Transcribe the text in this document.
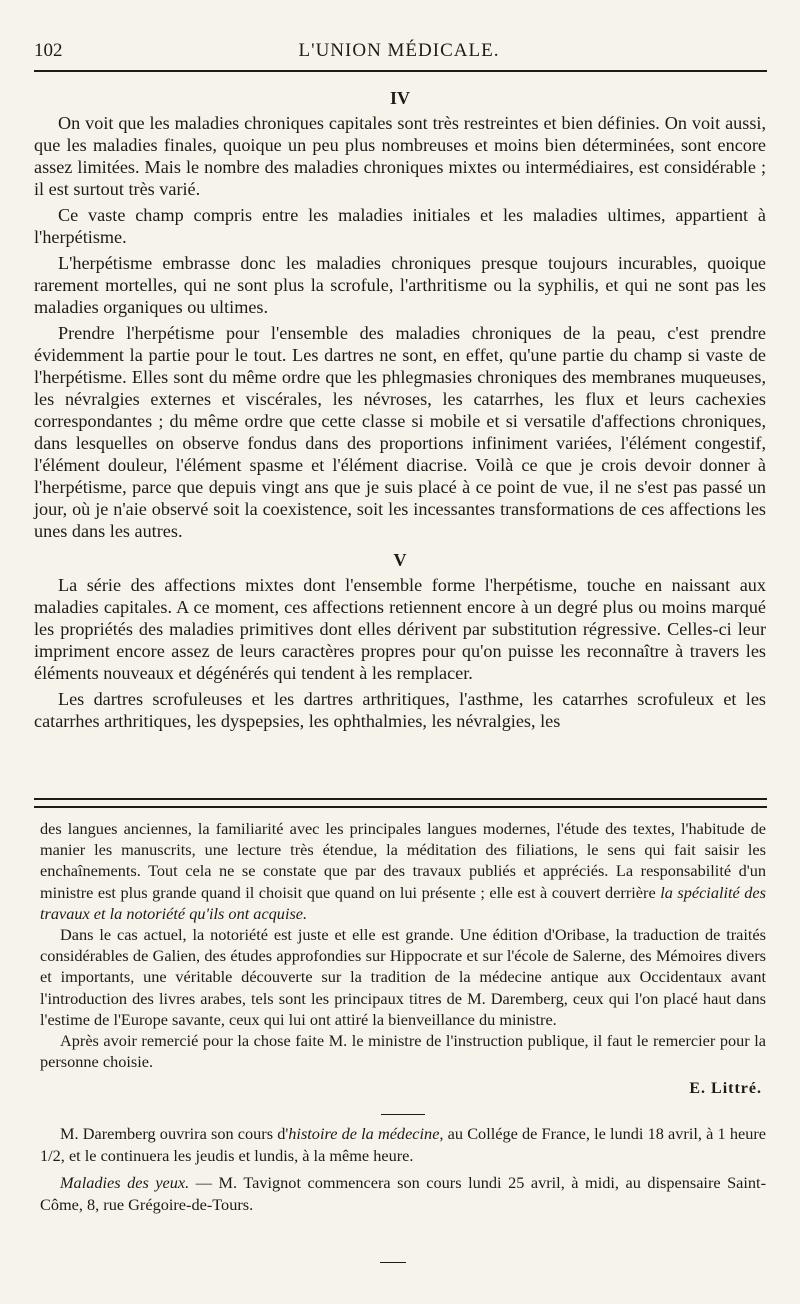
102	L'UNION MÉDICALE.
IV

On voit que les maladies chroniques capitales sont très restreintes et bien définies. On voit aussi, que les maladies finales, quoique un peu plus nombreuses et moins bien déterminées, sont encore assez limitées. Mais le nombre des maladies chroniques mixtes ou intermédiaires, est considérable ; il est surtout très varié.

Ce vaste champ compris entre les maladies initiales et les maladies ultimes, appartient à l'herpétisme.

L'herpétisme embrasse donc les maladies chroniques presque toujours incurables, quoique rarement mortelles, qui ne sont plus la scrofule, l'arthritisme ou la syphilis, et qui ne sont pas les maladies organiques ou ultimes.

Prendre l'herpétisme pour l'ensemble des maladies chroniques de la peau, c'est prendre évidemment la partie pour le tout. Les dartres ne sont, en effet, qu'une partie du champ si vaste de l'herpétisme. Elles sont du même ordre que les phlegmasies chroniques des membranes muqueuses, les névralgies externes et viscérales, les névroses, les catarrhes, les flux et leurs cachexies correspondantes ; du même ordre que cette classe si mobile et si versatile d'affections chroniques, dans lesquelles on observe fondus dans des proportions infiniment variées, l'élément congestif, l'élément douleur, l'élément spasme et l'élément diacrise. Voilà ce que je crois devoir donner à l'herpétisme, parce que depuis vingt ans que je suis placé à ce point de vue, il ne s'est pas passé un jour, où je n'aie observé soit la coexistence, soit les incessantes transformations de ces affections les unes dans les autres.

V

La série des affections mixtes dont l'ensemble forme l'herpétisme, touche en naissant aux maladies capitales. A ce moment, ces affections retiennent encore à un degré plus ou moins marqué les propriétés des maladies primitives dont elles dérivent par substitution régressive. Celles-ci leur impriment encore assez de leurs caractères propres pour qu'on puisse les reconnaître à travers les éléments nouveaux et dégénérés qui tendent à les remplacer.

Les dartres scrofuleuses et les dartres arthritiques, l'asthme, les catarrhes scrofuleux et les catarrhes arthritiques, les dyspepsies, les ophthalmies, les névralgies, les

des langues anciennes, la familiarité avec les principales langues modernes, l'étude des textes, l'habitude de manier les manuscrits, une lecture très étendue, la méditation des filiations, le sens qui fait saisir les enchaînements. Tout cela ne se constate que par des travaux publiés et appréciés. La responsabilité d'un ministre est plus grande quand il choisit que quand on lui présente ; elle est à couvert derrière la spécialité des travaux et la notoriété qu'ils ont acquise.

Dans le cas actuel, la notoriété est juste et elle est grande. Une édition d'Oribase, la traduction de traités considérables de Galien, des études approfondies sur Hippocrate et sur l'école de Salerne, des Mémoires divers et importants, une véritable découverte sur la tradition de la médecine antique aux Occidentaux avant l'introduction des livres arabes, tels sont les principaux titres de M. Daremberg, ceux qui l'on placé haut dans l'estime de l'Europe savante, ceux qui lui ont attiré la bienveillance du ministre.

Après avoir remercié pour la chose faite M. le ministre de l'instruction publique, il faut le remercier pour la personne choisie.

E. Littré.

M. Daremberg ouvrira son cours d'histoire de la médecine, au Collége de France, le lundi 18 avril, à 1 heure 1/2, et le continuera les jeudis et lundis, à la même heure.

Maladies des yeux. — M. Tavignot commencera son cours lundi 25 avril, à midi, au dispensaire Saint-Côme, 8, rue Grégoire-de-Tours.
